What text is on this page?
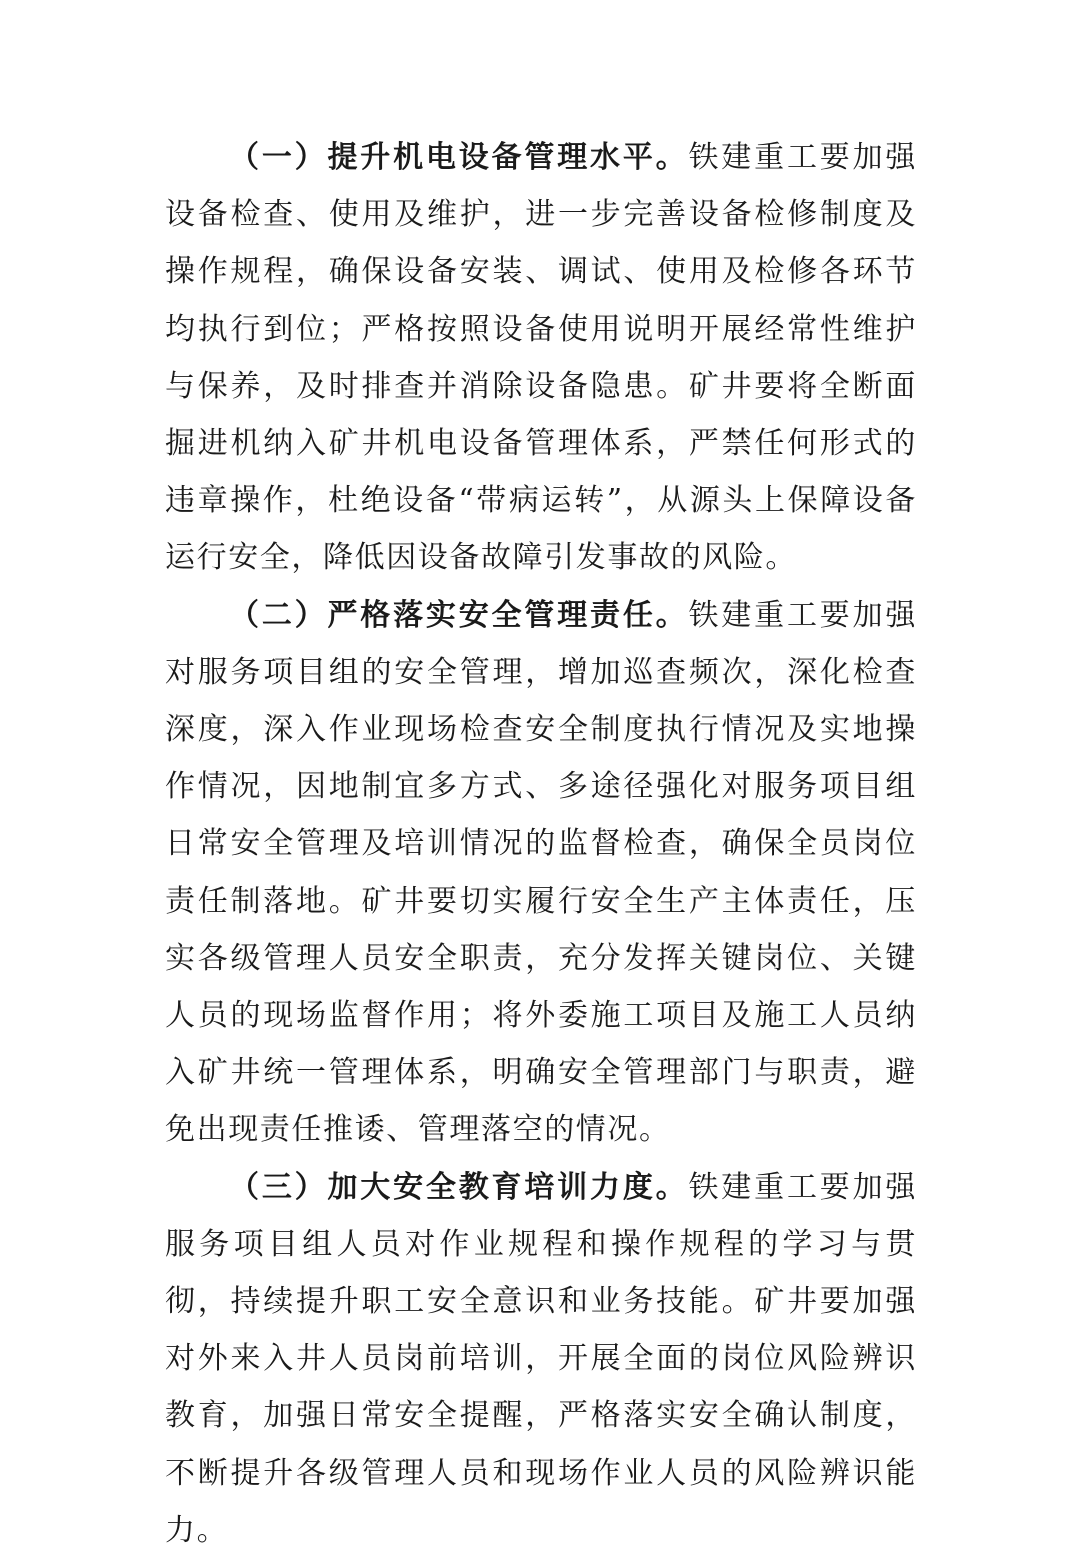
（一）提升机电设备管理水平。铁建重工要加强设备检查、使用及维护，进一步完善设备检修制度及操作规程，确保设备安装、调试、使用及检修各环节均执行到位；严格按照设备使用说明开展经常性维护与保养，及时排查并消除设备隐患。矿井要将全断面掘进机纳入矿井机电设备管理体系，严禁任何形式的违章操作，杜绝设备“带病运转”，从源头上保障设备运行安全，降低因设备故障引发事故的风险。

（二）严格落实安全管理责任。铁建重工要加强对服务项目组的安全管理，增加巡查频次，深化检查深度，深入作业现场检查安全制度执行情况及实地操作情况，因地制宜多方式、多途径强化对服务项目组日常安全管理及培训情况的监督检查，确保全员岗位责任制落地。矿井要切实履行安全生产主体责任，压实各级管理人员安全职责，充分发挥关键岗位、关键人员的现场监督作用；将外委施工项目及施工人员纳入矿井统一管理体系，明确安全管理部门与职责，避免出现责任推诿、管理落空的情况。

（三）加大安全教育培训力度。铁建重工要加强服务项目组人员对作业规程和操作规程的学习与贯彻，持续提升职工安全意识和业务技能。矿井要加强对外来入井人员岗前培训，开展全面的岗位风险辨识教育，加强日常安全提醒，严格落实安全确认制度，不断提升各级管理人员和现场作业人员的风险辨识能力。
